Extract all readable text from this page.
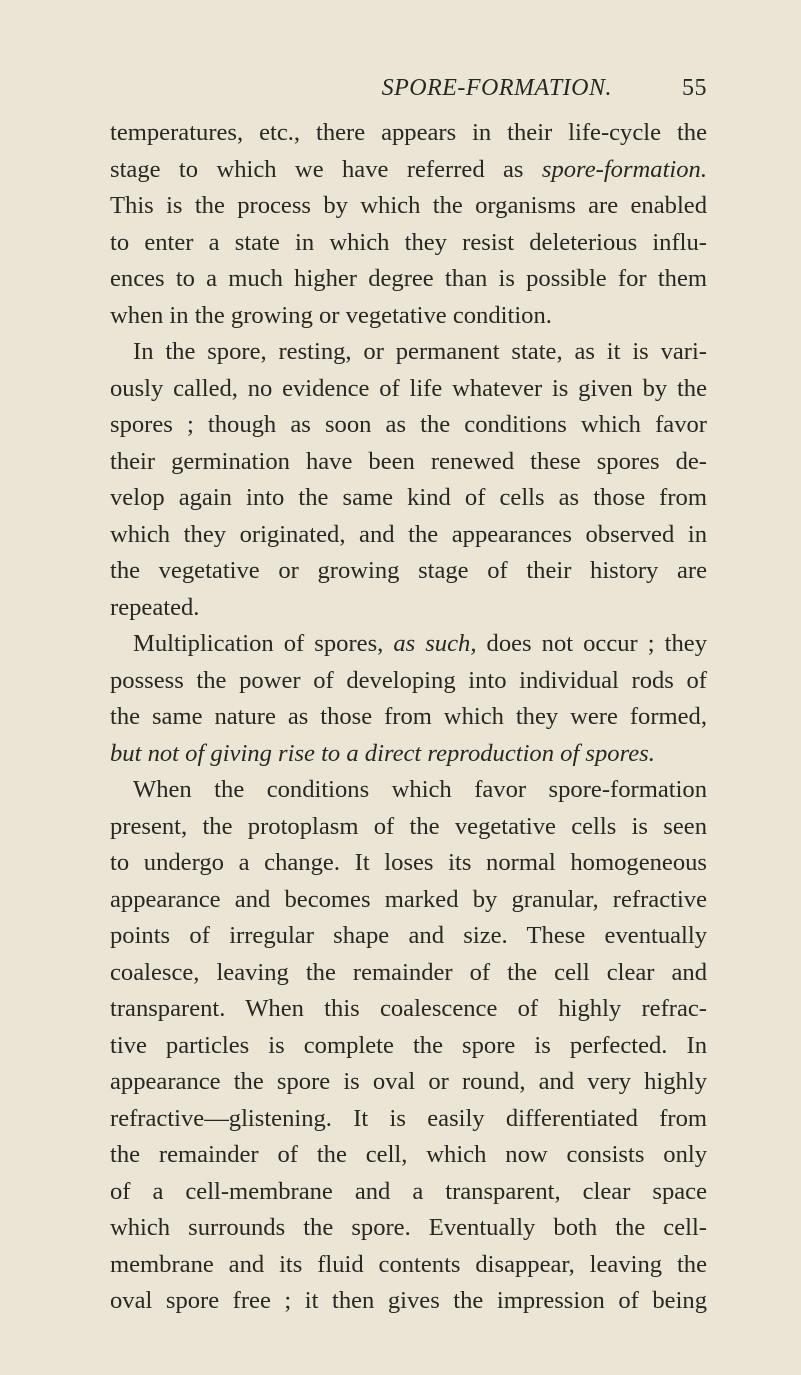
SPORE-FORMATION.	55
temperatures, etc., there appears in their life-cycle the
stage to which we have referred as spore-formation.
This is the process by which the organisms are enabled
to enter a state in which they resist deleterious influ-
ences to a much higher degree than is possible for them
when in the growing or vegetative condition.
In the spore, resting, or permanent state, as it is vari-
ously called, no evidence of life whatever is given by the
spores ; though as soon as the conditions which favor
their germination have been renewed these spores de-
velop again into the same kind of cells as those from
which they originated, and the appearances observed in
the vegetative or growing stage of their history are
repeated.
Multiplication of spores, as such, does not occur ; they
possess the power of developing into individual rods of
the same nature as those from which they were formed,
but not of giving rise to a direct reproduction of spores.
When the conditions which favor spore-formation
present, the protoplasm of the vegetative cells is seen
to undergo a change. It loses its normal homogeneous
appearance and becomes marked by granular, refractive
points of irregular shape and size. These eventually
coalesce, leaving the remainder of the cell clear and
transparent. When this coalescence of highly refrac-
tive particles is complete the spore is perfected. In
appearance the spore is oval or round, and very highly
refractive—glistening. It is easily differentiated from
the remainder of the cell, which now consists only
of a cell-membrane and a transparent, clear space
which surrounds the spore. Eventually both the cell-
membrane and its fluid contents disappear, leaving the
oval spore free ; it then gives the impression of being
